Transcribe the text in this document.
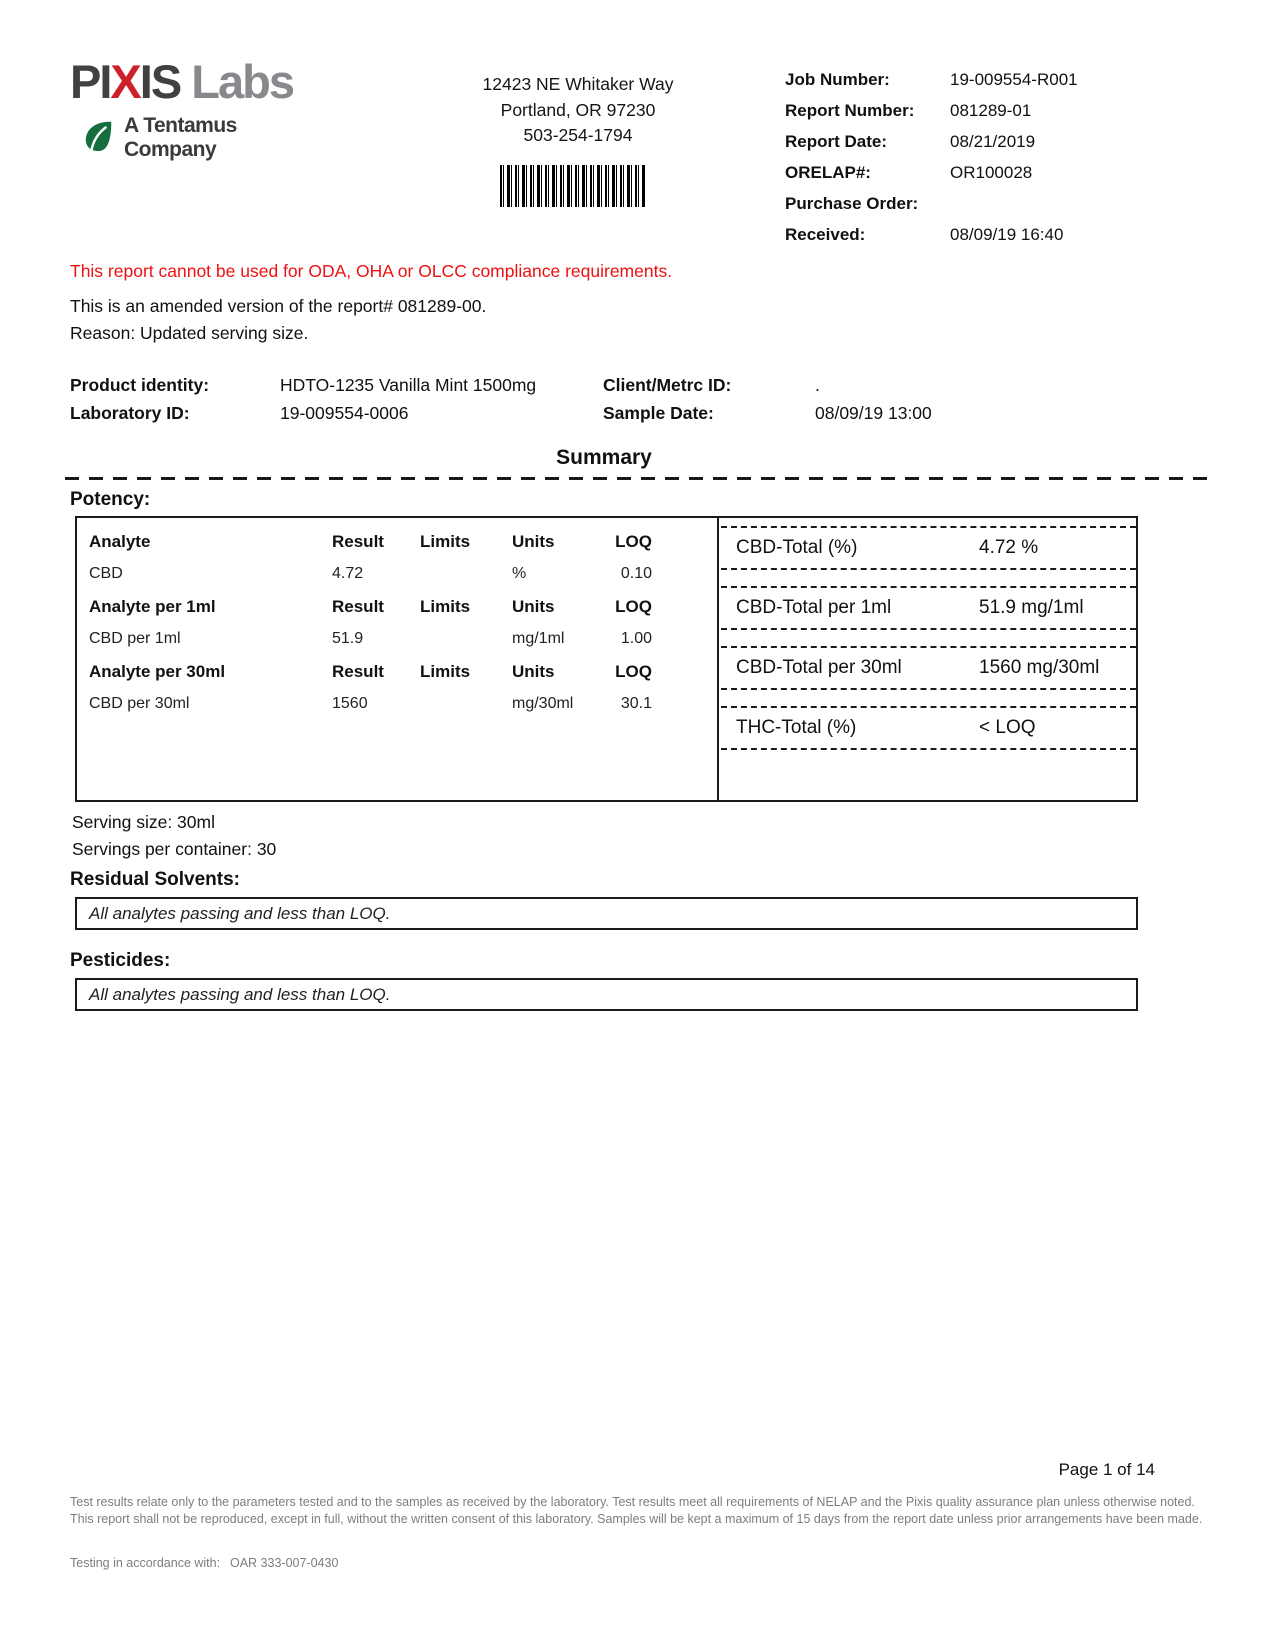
PIXIS Labs
A Tentamus Company
12423 NE Whitaker Way
Portland, OR 97230
503-254-1794
Job Number:	19-009554-R001
Report Number:	081289-01
Report Date:	08/21/2019
ORELAP#:	OR100028
Purchase Order:
Received:	08/09/19 16:40
This report cannot be used for ODA, OHA or OLCC compliance requirements.
This is an amended version of the report# 081289-00.
Reason: Updated serving size.
Product identity:	HDTO-1235 Vanilla Mint 1500mg	Client/Metrc ID:	.
Laboratory ID:	19-009554-0006	Sample Date:	08/09/19 13:00
Summary
Potency:
Analyte	Result Limits Units	LOQ
CBD	4.72	%	0.10
Analyte per 1ml	Result Limits Units	LOQ
CBD per 1ml	51.9	mg/1ml	1.00
Analyte per 30ml	Result Limits Units	LOQ
CBD per 30ml	1560	mg/30ml	30.1
CBD-Total (%)	4.72 %
CBD-Total per 1ml	51.9 mg/1ml
CBD-Total per 30ml	1560 mg/30ml
THC-Total (%)	< LOQ
Serving size: 30ml
Servings per container: 30
Residual Solvents:
All analytes passing and less than LOQ.
Pesticides:
All analytes passing and less than LOQ.
Page 1 of 14
Test results relate only to the parameters tested and to the samples as received by the laboratory. Test results meet all requirements of NELAP and the Pixis quality assurance plan unless otherwise noted. This report shall not be reproduced, except in full, without the written consent of this laboratory. Samples will be kept a maximum of 15 days from the report date unless prior arrangements have been made.
Testing in accordance with: OAR 333-007-0430
